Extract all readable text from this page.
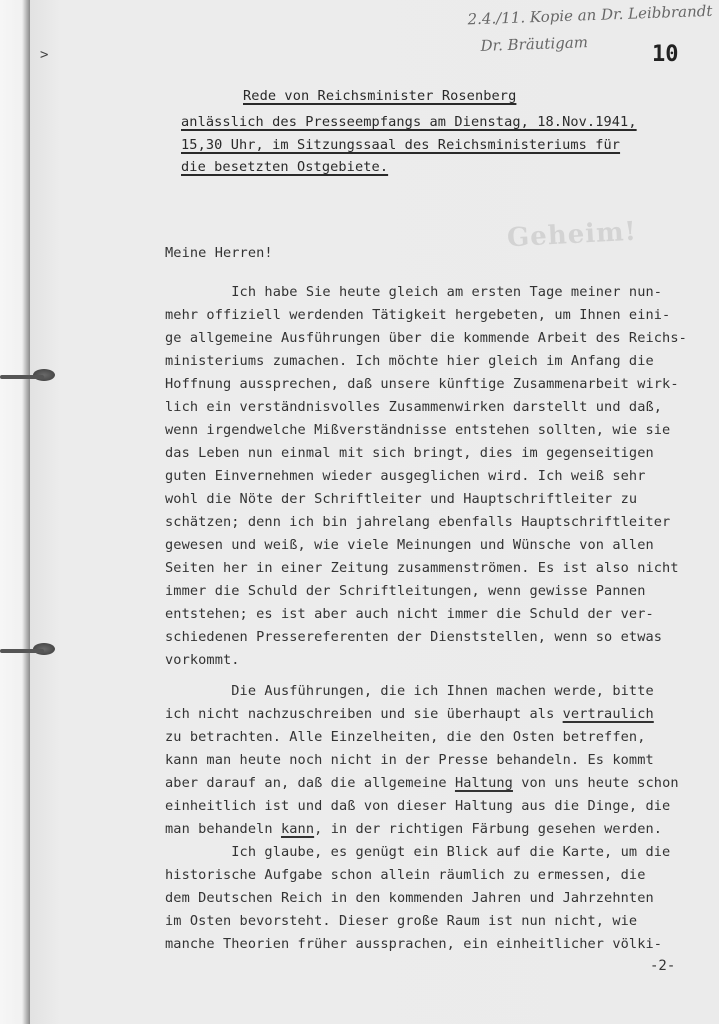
>
2.4./11. Kopie an Dr. Leibbrandt
Dr. Bräutigam	10
Geheim!
Rede von Reichsminister Rosenberg
anlässlich des Presseempfangs am Dienstag, 18.Nov.1941,
15,30 Uhr, im Sitzungssaal des Reichsministeriums für
die besetzten Ostgebiete.
Meine Herren!
Ich habe Sie heute gleich am ersten Tage meiner nun-
mehr offiziell werdenden Tätigkeit hergebeten, um Ihnen eini-
ge allgemeine Ausführungen über die kommende Arbeit des Reichs-
ministeriums zumachen. Ich möchte hier gleich im Anfang die
Hoffnung aussprechen, daß unsere künftige Zusammenarbeit wirk-
lich ein verständnisvolles Zusammenwirken darstellt und daß,
wenn irgendwelche Mißverständnisse entstehen sollten, wie sie
das Leben nun einmal mit sich bringt, dies im gegenseitigen
guten Einvernehmen wieder ausgeglichen wird. Ich weiß sehr
wohl die Nöte der Schriftleiter und Hauptschriftleiter zu
schätzen; denn ich bin jahrelang ebenfalls Hauptschriftleiter
gewesen und weiß, wie viele Meinungen und Wünsche von allen
Seiten her in einer Zeitung zusammenströmen. Es ist also nicht
immer die Schuld der Schriftleitungen, wenn gewisse Pannen
entstehen; es ist aber auch nicht immer die Schuld der ver-
schiedenen Pressereferenten der Dienststellen, wenn so etwas
vorkommt.
Die Ausführungen, die ich Ihnen machen werde, bitte
ich nicht nachzuschreiben und sie überhaupt als vertraulich
zu betrachten. Alle Einzelheiten, die den Osten betreffen,
kann man heute noch nicht in der Presse behandeln. Es kommt
aber darauf an, daß die allgemeine Haltung von uns heute schon
einheitlich ist und daß von dieser Haltung aus die Dinge, die
man behandeln kann, in der richtigen Färbung gesehen werden.
Ich glaube, es genügt ein Blick auf die Karte, um die
historische Aufgabe schon allein räumlich zu ermessen, die
dem Deutschen Reich in den kommenden Jahren und Jahrzehnten
im Osten bevorsteht. Dieser große Raum ist nun nicht, wie
manche Theorien früher aussprachen, ein einheitlicher völki-
-2-
